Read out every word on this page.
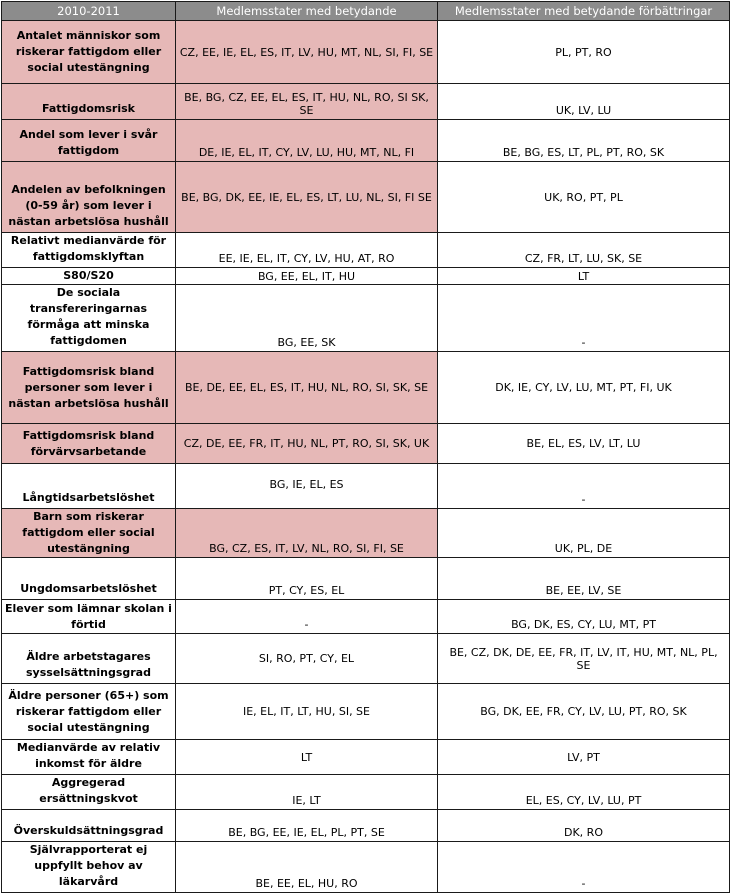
2010-2011	Medlemsstater med betydande	Medlemsstater med betydande förbättringar
Antalet människor som riskerar fattigdom eller social utestängning	CZ, EE, IE, EL, ES, IT, LV, HU, MT, NL, SI, FI, SE	PL, PT, RO
Fattigdomsrisk	BE, BG, CZ, EE, EL, ES, IT, HU, NL, RO, SI SK, SE	UK, LV, LU
Andel som lever i svår fattigdom	DE, IE, EL, IT, CY, LV, LU, HU, MT, NL, FI	BE, BG, ES, LT, PL, PT, RO, SK
Andelen av befolkningen (0-59 år) som lever i nästan arbetslösa hushåll	BE, BG, DK, EE, IE, EL, ES, LT, LU, NL, SI, FI SE	UK, RO, PT, PL
Relativt medianvärde för fattigdomsklyftan	EE, IE, EL, IT, CY, LV, HU, AT, RO	CZ, FR, LT, LU, SK, SE
S80/S20	BG, EE, EL, IT, HU	LT
De sociala transfereringarnas förmåga att minska fattigdomen	BG, EE, SK	-
Fattigdomsrisk bland personer som lever i nästan arbetslösa hushåll	BE, DE, EE, EL, ES, IT, HU, NL, RO, SI, SK, SE	DK, IE, CY, LV, LU, MT, PT, FI, UK
Fattigdomsrisk bland förvärvsarbetande	CZ, DE, EE, FR, IT, HU, NL, PT, RO, SI, SK, UK	BE, EL, ES, LV, LT, LU
Långtidsarbetslöshet	BG, IE, EL, ES	-
Barn som riskerar fattigdom eller social utestängning	BG, CZ, ES, IT, LV, NL, RO, SI, FI, SE	UK, PL, DE
Ungdomsarbetslöshet	PT, CY, ES, EL	BE, EE, LV, SE
Elever som lämnar skolan i förtid	-	BG, DK, ES, CY, LU, MT, PT
Äldre arbetstagares sysselsättningsgrad	SI, RO, PT, CY, EL	BE, CZ, DK, DE, EE, FR, IT, LV, IT, HU, MT, NL, PL, SE
Äldre personer (65+) som riskerar fattigdom eller social utestängning	IE, EL, IT, LT, HU, SI, SE	BG, DK, EE, FR, CY, LV, LU, PT, RO, SK
Medianvärde av relativ inkomst för äldre	LT	LV, PT
Aggregerad ersättningskvot	IE, LT	EL, ES, CY, LV, LU, PT
Överskuldsättningsgrad	BE, BG, EE, IE, EL, PL, PT, SE	DK, RO
Självrapporterat ej uppfyllt behov av läkarvård	BE, EE, EL, HU, RO	-
